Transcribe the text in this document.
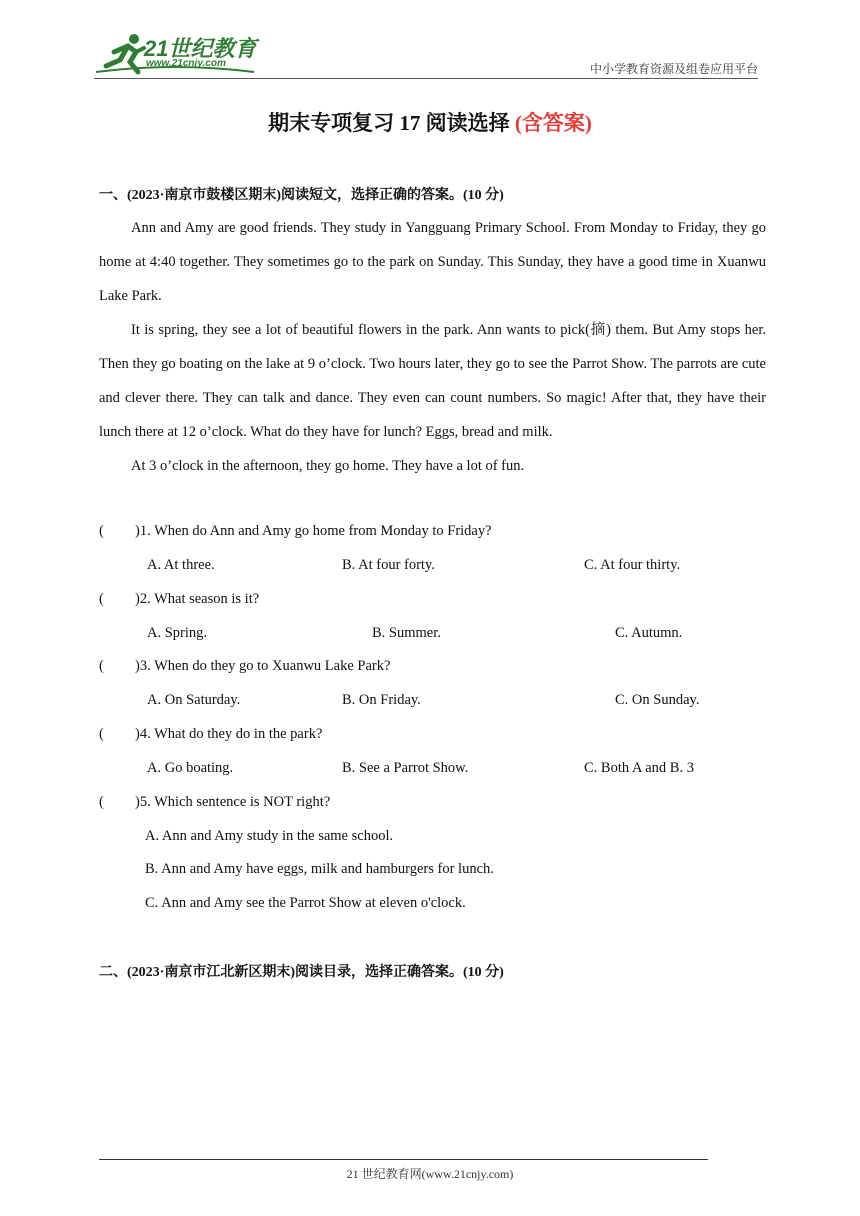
21世纪教育
www.21cnjy.com	中小学教育资源及组卷应用平台
期末专项复习 17 阅读选择 (含答案)
一、(2023·南京市鼓楼区期末)阅读短文，选择正确的答案。(10 分)

Ann and Amy are good friends. They study in Yangguang Primary School. From Monday to Friday, they go home at 4:40 together. They sometimes go to the park on Sunday. This Sunday, they have a good time in Xuanwu Lake Park.

It is spring, they see a lot of beautiful flowers in the park. Ann wants to pick(摘) them. But Amy stops her. Then they go boating on the lake at 9 o’clock. Two hours later, they go to see the Parrot Show. The parrots are cute and clever there. They can talk and dance. They even can count numbers. So magic! After that, they have their lunch there at 12 o’clock. What do they have for lunch? Eggs, bread and milk.

At 3 o’clock in the afternoon, they go home. They have a lot of fun.

( )1. When do Ann and Amy go home from Monday to Friday?
A. At three.	B. At four forty.	C. At four thirty.
( )2. What season is it?
A. Spring.	B. Summer.	C. Autumn.
( )3. When do they go to Xuanwu Lake Park?
A. On Saturday.	B. On Friday.	C. On Sunday.
( )4. What do they do in the park?
A. Go boating.	B. See a Parrot Show.	C. Both A and B. 3
( )5. Which sentence is NOT right?
A. Ann and Amy study in the same school.
B. Ann and Amy have eggs, milk and hamburgers for lunch.
C. Ann and Amy see the Parrot Show at eleven o'clock.
二、(2023·南京市江北新区期末)阅读目录，选择正确答案。(10 分)
21 世纪教育网(www.21cnjy.com)
